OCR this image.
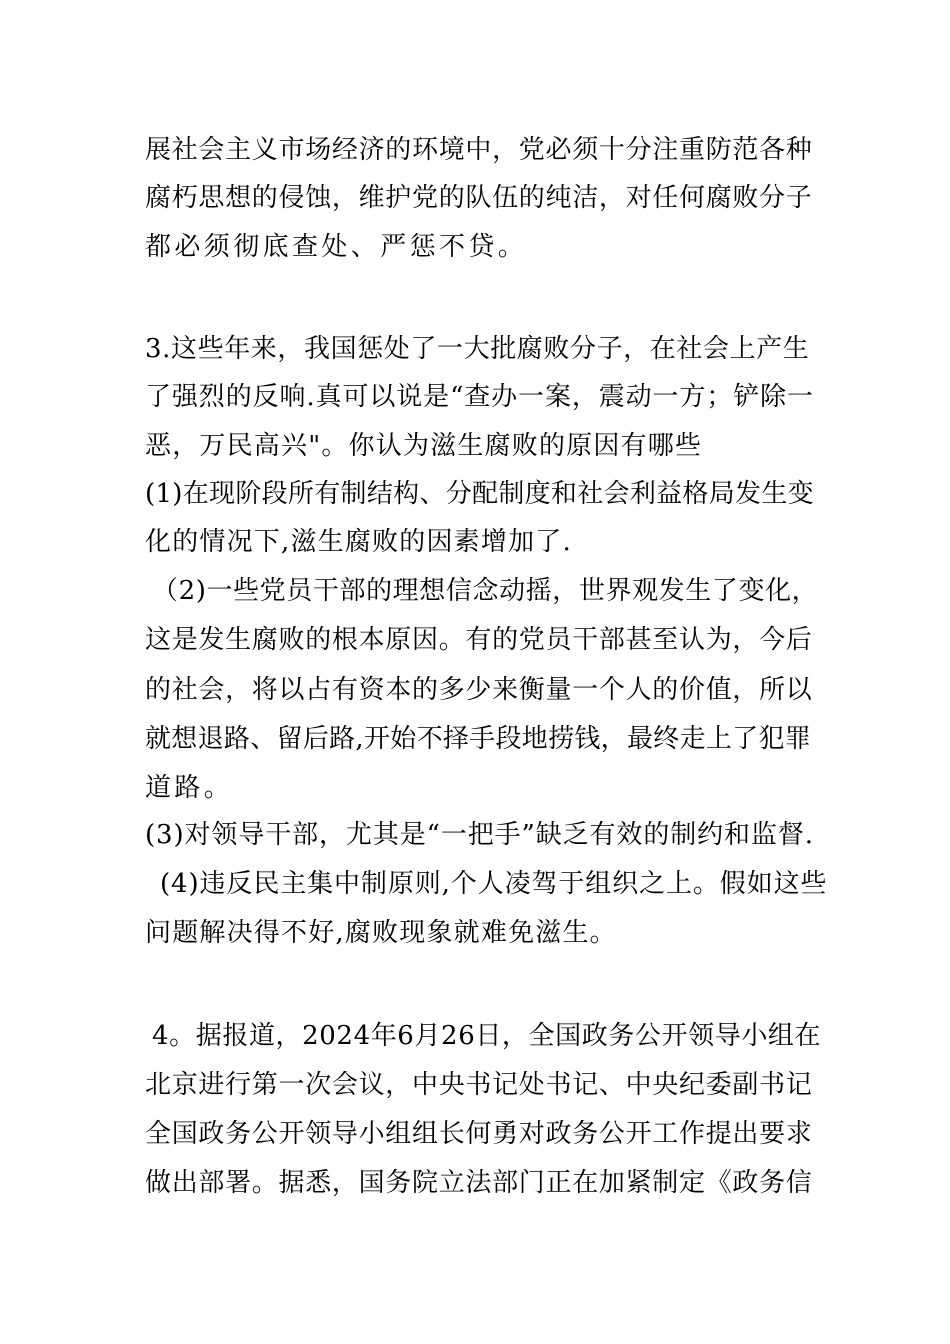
展社会主义市场经济的环境中，党必须十分注重防范各种
腐朽思想的侵蚀，维护党的队伍的纯洁，对任何腐败分子
都必须彻底查处、严惩不贷。
3.这些年来，我国惩处了一大批腐败分子，在社会上产生
了强烈的反响.真可以说是“查办一案，震动一方；铲除一
恶，万民高兴"。你认为滋生腐败的原因有哪些
(1)在现阶段所有制结构、分配制度和社会利益格局发生变
化的情况下,滋生腐败的因素增加了.
（2)一些党员干部的理想信念动摇，世界观发生了变化，
这是发生腐败的根本原因。有的党员干部甚至认为，今后
的社会，将以占有资本的多少来衡量一个人的价值，所以
就想退路、留后路,开始不择手段地捞钱，最终走上了犯罪
道路。
(3)对领导干部，尤其是“一把手”缺乏有效的制约和监督.
(4)违反民主集中制原则,个人凌驾于组织之上。假如这些
问题解决得不好,腐败现象就难免滋生。
4。据报道，2024年6月26日，全国政务公开领导小组在
北京进行第一次会议，中央书记处书记、中央纪委副书记
全国政务公开领导小组组长何勇对政务公开工作提出要求
做出部署。据悉，国务院立法部门正在加紧制定《政务信
